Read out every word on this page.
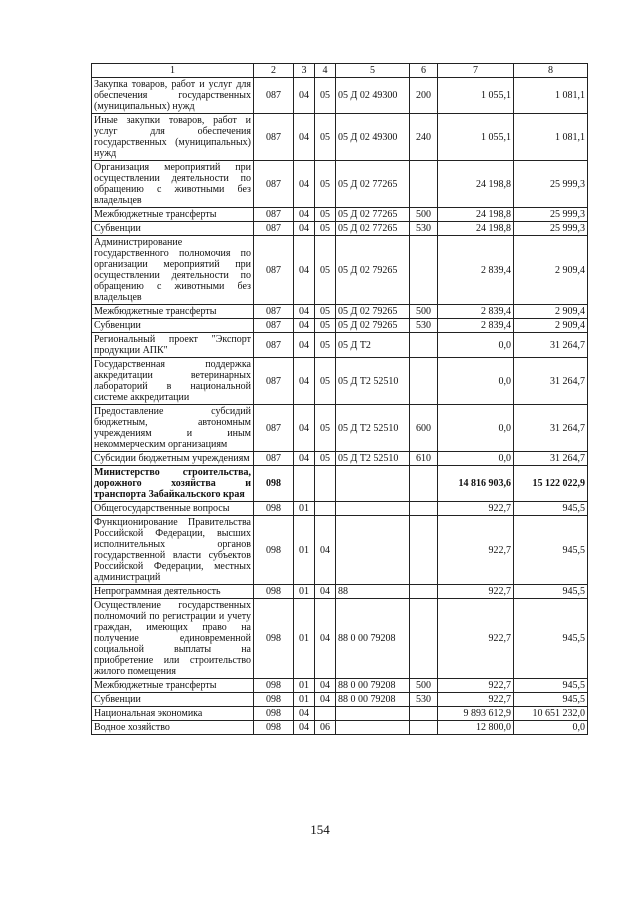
1	2	3	4	5	6	7	8
Закупка товаров, работ и услуг для обеспечения государственных (муниципальных) нужд	087	04	05	05 Д 02 49300	200	1 055,1	1 081,1
Иные закупки товаров, работ и услуг для обеспечения государственных (муниципальных) нужд	087	04	05	05 Д 02 49300	240	1 055,1	1 081,1
Организация мероприятий при осуществлении деятельности по обращению с животными без владельцев	087	04	05	05 Д 02 77265		24 198,8	25 999,3
Межбюджетные трансферты	087	04	05	05 Д 02 77265	500	24 198,8	25 999,3
Субвенции	087	04	05	05 Д 02 77265	530	24 198,8	25 999,3
Администрирование государственного полномочия по организации мероприятий при осуществлении деятельности по обращению с животными без владельцев	087	04	05	05 Д 02 79265		2 839,4	2 909,4
Межбюджетные трансферты	087	04	05	05 Д 02 79265	500	2 839,4	2 909,4
Субвенции	087	04	05	05 Д 02 79265	530	2 839,4	2 909,4
Региональный проект "Экспорт продукции АПК"	087	04	05	05 Д Т2		0,0	31 264,7
Государственная поддержка аккредитации ветеринарных лабораторий в национальной системе аккредитации	087	04	05	05 Д Т2 52510		0,0	31 264,7
Предоставление субсидий бюджетным, автономным учреждениям и иным некоммерческим организациям	087	04	05	05 Д Т2 52510	600	0,0	31 264,7
Субсидии бюджетным учреждениям	087	04	05	05 Д Т2 52510	610	0,0	31 264,7
Министерство строительства, дорожного хозяйства и транспорта Забайкальского края	098					14 816 903,6	15 122 022,9
Общегосударственные вопросы	098	01				922,7	945,5
Функционирование Правительства Российской Федерации, высших исполнительных органов государственной власти субъектов Российской Федерации, местных администраций	098	01	04			922,7	945,5
Непрограммная деятельность	098	01	04	88		922,7	945,5
Осуществление государственных полномочий по регистрации и учету граждан, имеющих право на получение единовременной социальной выплаты на приобретение или строительство жилого помещения	098	01	04	88 0 00 79208		922,7	945,5
Межбюджетные трансферты	098	01	04	88 0 00 79208	500	922,7	945,5
Субвенции	098	01	04	88 0 00 79208	530	922,7	945,5
Национальная экономика	098	04				9 893 612,9	10 651 232,0
Водное хозяйство	098	04	06			12 800,0	0,0
154
